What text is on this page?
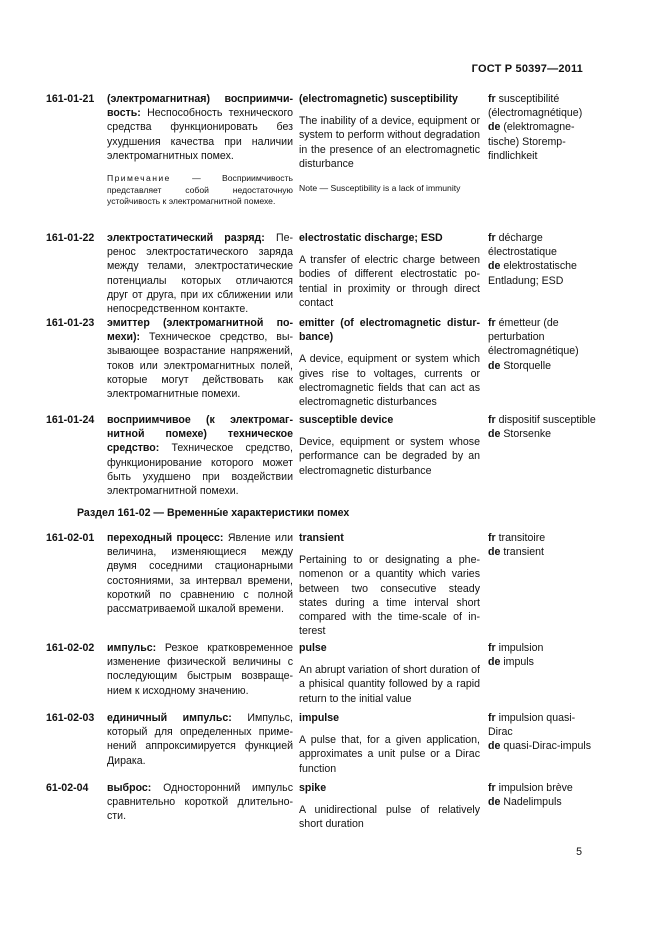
ГОСТ Р 50397—2011
161-01-21 (электромагнитная) восприимчивость: Неспособность технического средства функционировать без ухудшения качества при наличии электромагнитных помех.
Примечание — Восприимчивость представляет собой недостаточную устойчивость к электромагнитной помехе.
(electromagnetic) susceptibility
The inability of a device, equipment or system to perform without degradation in the presence of an electromagnetic disturbance
Note — Susceptibility is a lack of immunity
fr susceptibilité (électromagnétique)
de (elektromagnetische) Storempfindlichkeit
161-01-22 электростатический разряд: Перенос электростатического заряда между телами, электростатические потенциалы которых отличаются друг от друга, при их сближении или непосредственном контакте.
electrostatic discharge; ESD
A transfer of electric charge between bodies of different electrostatic potential in proximity or through direct contact
fr décharge électrostatique
de elektrostatische Entladung; ESD
161-01-23 эмиттер (электромагнитной помехи): Техническое средство, вызывающее возрастание напряжений, токов или электромагнитных полей, которые могут действовать как электромагнитные помехи.
emitter (of electromagnetic disturbance)
A device, equipment or system which gives rise to voltages, currents or electromagnetic fields that can act as electromagnetic disturbances
fr émetteur (de perturbation électromagnétique)
de Storquelle
161-01-24 восприимчивое (к электромагнитной помехе) техническое средство: Техническое средство, функционирование которого может быть ухудшено при воздействии электромагнитной помехи.
susceptible device
Device, equipment or system whose performance can be degraded by an electromagnetic disturbance
fr dispositif susceptible
de Storsenke
Раздел 161-02 — Временны́е характеристики помех
161-02-01 переходный процесс: Явление или величина, изменяющиеся между двумя соседними стационарными состояниями, за интервал времени, короткий по сравнению с полной рассматриваемой шкалой времени.
transient
Pertaining to or designating a phenomenon or a quantity which varies between two consecutive steady states during a time interval short compared with the time-scale of interest
fr transitoire
de transient
161-02-02 импульс: Резкое кратковременное изменение физической величины с последующим быстрым возвращением к исходному значению.
pulse
An abrupt variation of short duration of a phisical quantity followed by a rapid return to the initial value
fr impulsion
de impuls
161-02-03 единичный импульс: Импульс, который для определенных применений аппроксимируется функцией Дирака.
impulse
A pulse that, for a given application, approximates a unit pulse or a Dirac function
fr impulsion quasi-Dirac
de quasi-Dirac-impuls
61-02-04 выброс: Односторонний импульс сравнительно короткой длительности.
spike
A unidirectional pulse of relatively short duration
fr impulsion brève
de Nadelimpuls
5
